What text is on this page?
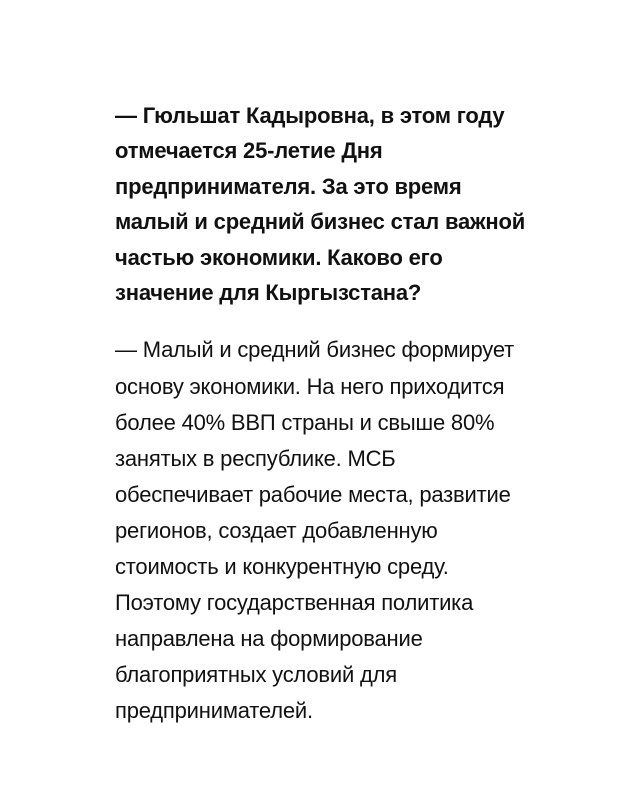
— Гюльшат Кадыровна, в этом году
отмечается 25-летие Дня
предпринимателя. За это время
малый и средний бизнес стал важной
частью экономики. Каково его
значение для Кыргызстана?
— Малый и средний бизнес формирует
основу экономики. На него приходится
более 40% ВВП страны и свыше 80%
занятых в республике. МСБ
обеспечивает рабочие места, развитие
регионов, создает добавленную
стоимость и конкурентную среду.
Поэтому государственная политика
направлена на формирование
благоприятных условий для
предпринимателей.
